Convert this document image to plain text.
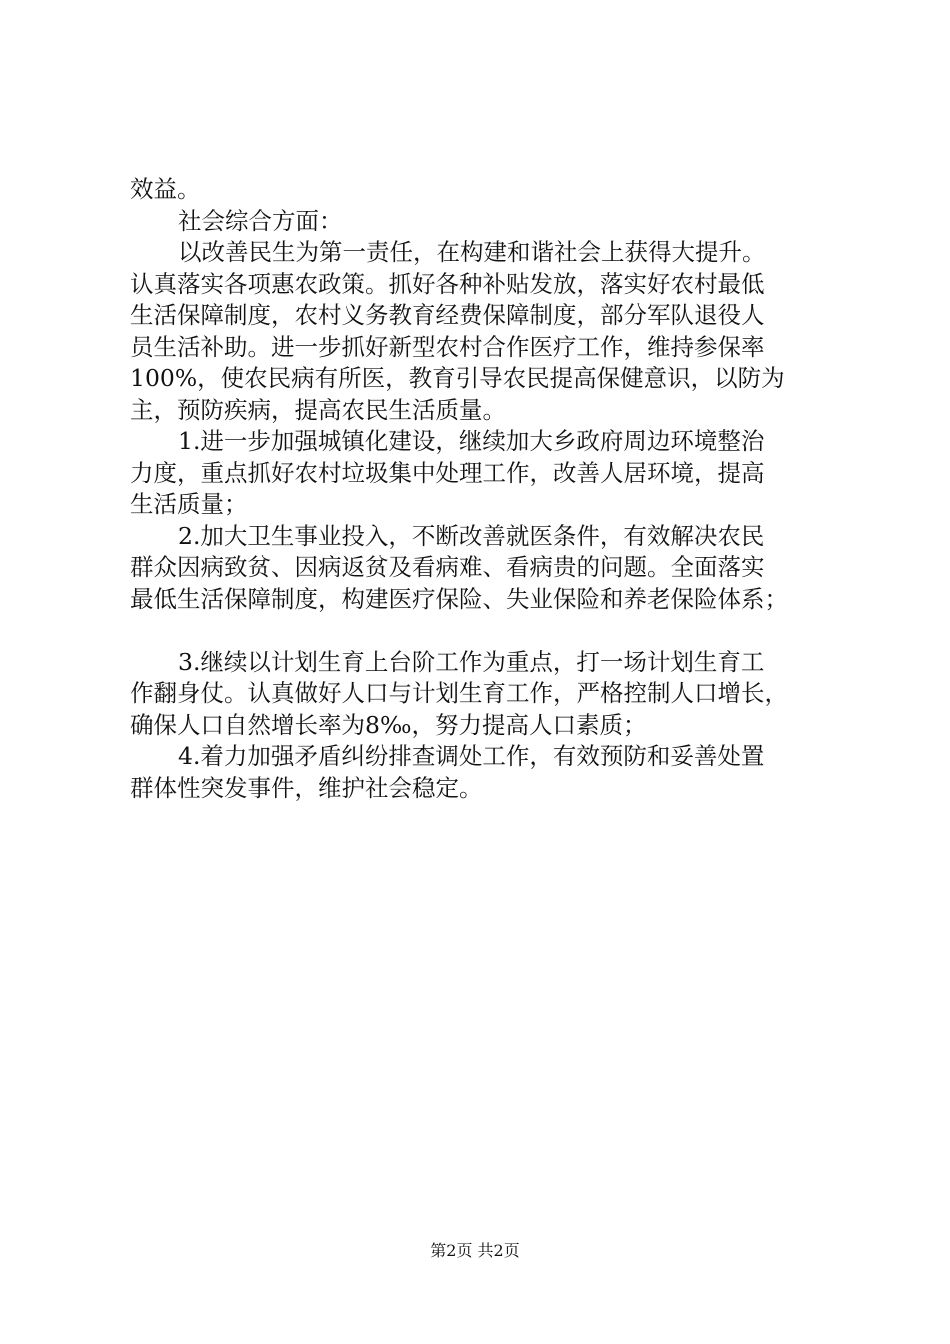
效益。
社会综合方面：
以改善民生为第一责任，在构建和谐社会上获得大提升。
认真落实各项惠农政策。抓好各种补贴发放，落实好农村最低
生活保障制度，农村义务教育经费保障制度，部分军队退役人
员生活补助。进一步抓好新型农村合作医疗工作，维持参保率
100%，使农民病有所医，教育引导农民提高保健意识，以防为
主，预防疾病，提高农民生活质量。
1.进一步加强城镇化建设，继续加大乡政府周边环境整治
力度，重点抓好农村垃圾集中处理工作，改善人居环境，提高
生活质量；
2.加大卫生事业投入，不断改善就医条件，有效解决农民
群众因病致贫、因病返贫及看病难、看病贵的问题。全面落实
最低生活保障制度，构建医疗保险、失业保险和养老保险体系；
3.继续以计划生育上台阶工作为重点，打一场计划生育工
作翻身仗。认真做好人口与计划生育工作，严格控制人口增长，
确保人口自然增长率为8‰，努力提高人口素质；
4.着力加强矛盾纠纷排查调处工作，有效预防和妥善处置
群体性突发事件，维护社会稳定。
第2页 共2页
